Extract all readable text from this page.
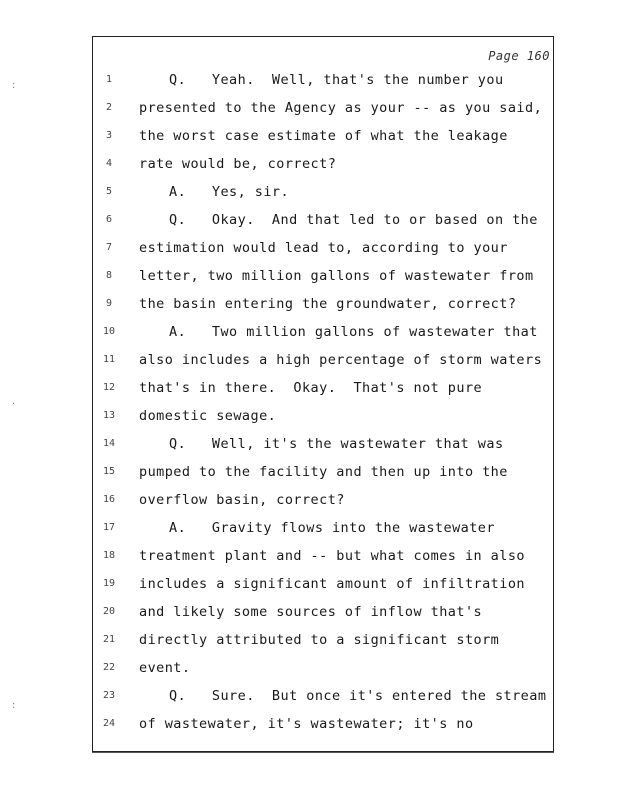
:
.
:
Page 160
1	Q.   Yeah.  Well, that's the number you
2	presented to the Agency as your -- as you said,
3	the worst case estimate of what the leakage
4	rate would be, correct?
5	A.   Yes, sir.
6	Q.   Okay.  And that led to or based on the
7	estimation would lead to, according to your
8	letter, two million gallons of wastewater from
9	the basin entering the groundwater, correct?
10	A.   Two million gallons of wastewater that
11 also includes a high percentage of storm waters
12 that's in there.  Okay.  That's not pure
13 domestic sewage.
14	Q.   Well, it's the wastewater that was
15 pumped to the facility and then up into the
16 overflow basin, correct?
17	A.   Gravity flows into the wastewater
18 treatment plant and -- but what comes in also
19 includes a significant amount of infiltration
20 and likely some sources of inflow that's
21 directly attributed to a significant storm
22 event.
23	Q.   Sure.  But once it's entered the stream
24 of wastewater, it's wastewater; it's no
